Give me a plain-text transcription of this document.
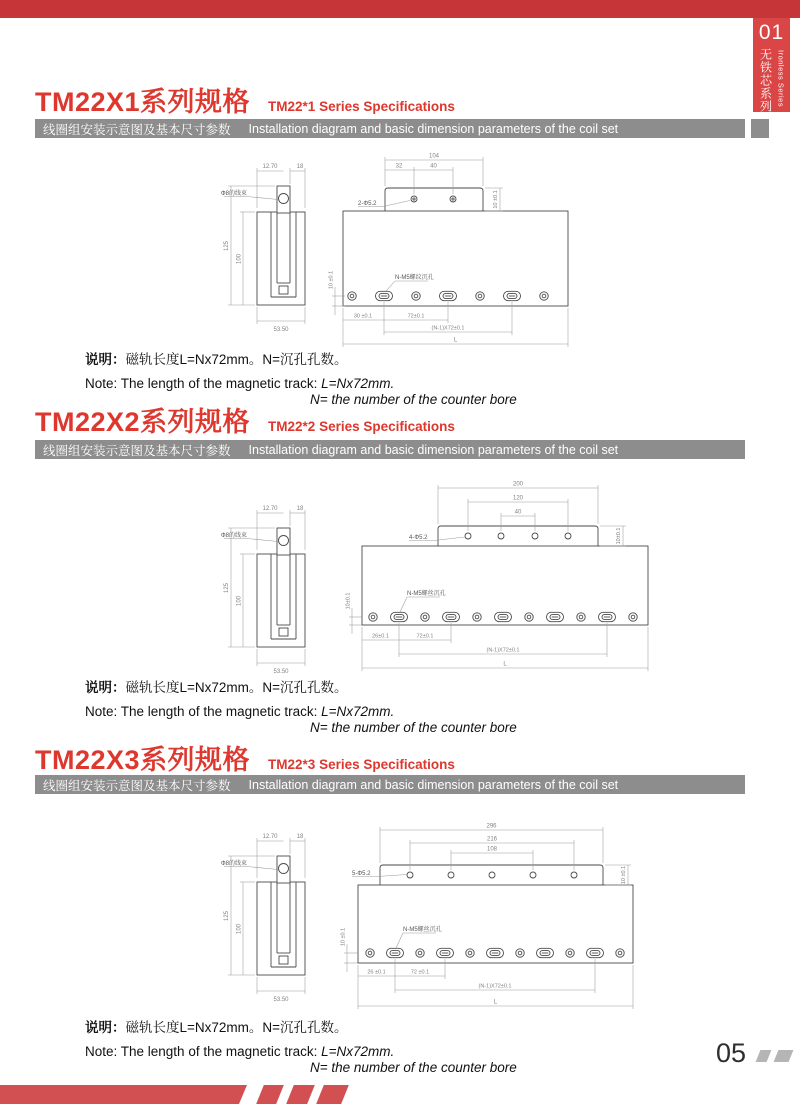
01
无铁芯系列 Ironless Series
TM22X1系列规格 TM22*1 Series Specifications
线圈组安装示意图及基本尺寸参数 Installation diagram and basic dimension parameters of the coil set
12.70	18
125
100
53.50
Φ8的线束
104
32	40
10 ±0.1
2-Φ5.2
10 ±0.1
30 ±0.1	72±0.1
(N-1)X72±0.1
L
N-M5螺纹沉孔
说明：磁轨长度L=Nx72mm。N=沉孔孔数。
Note: The length of the magnetic track: L=Nx72mm.
N= the number of the counter bore
TM22X2系列规格 TM22*2 Series Specifications
线圈组安装示意图及基本尺寸参数 Installation diagram and basic dimension parameters of the coil set
12.70	18
125
100
53.50
Φ8的线束
200
120
40
10±0.1
4-Φ5.2
10±0.1
26±0.1	72±0.1
(N-1)X72±0.1
L
N-M5螺丝沉孔
说明：磁轨长度L=Nx72mm。N=沉孔孔数。
Note: The length of the magnetic track: L=Nx72mm.
N= the number of the counter bore
TM22X3系列规格 TM22*3 Series Specifications
线圈组安装示意图及基本尺寸参数 Installation diagram and basic dimension parameters of the coil set
12.70	18
125
100
53.50
Φ8的线束
296
216
108
10 ±0.1
5-Φ5.2
10 ±0.1
26 ±0.1	72 ±0.1
(N-1)X72±0.1
L
N-M5螺丝沉孔
说明：磁轨长度L=Nx72mm。N=沉孔孔数。
Note: The length of the magnetic track: L=Nx72mm.
N= the number of the counter bore	05
